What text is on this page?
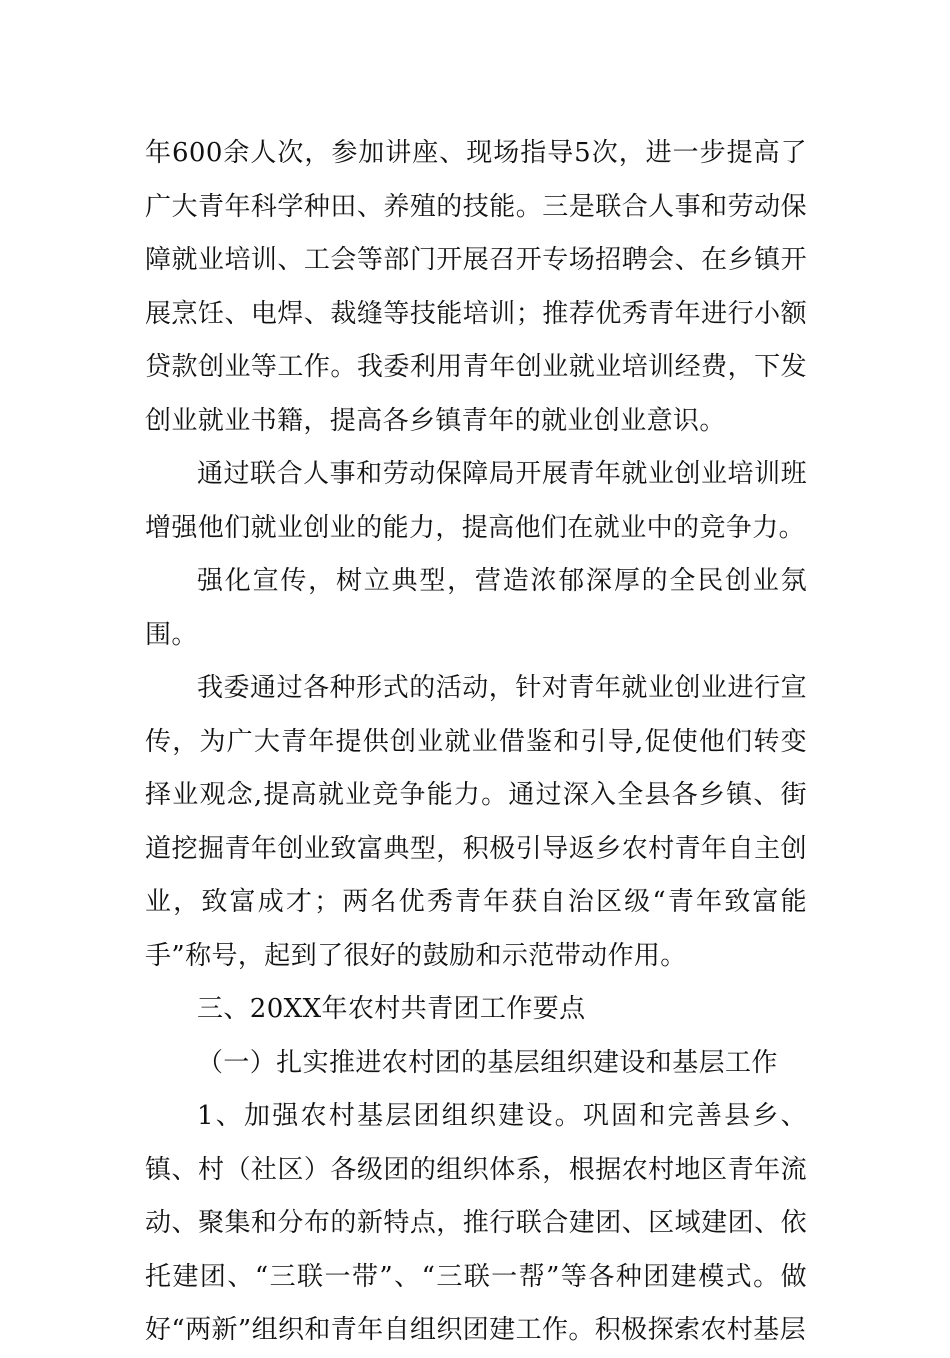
年600余人次，参加讲座、现场指导5次，进一步提高了广大青年科学种田、养殖的技能。三是联合人事和劳动保障就业培训、工会等部门开展召开专场招聘会、在乡镇开展烹饪、电焊、裁缝等技能培训；推荐优秀青年进行小额贷款创业等工作。我委利用青年创业就业培训经费，下发创业就业书籍，提高各乡镇青年的就业创业意识。

通过联合人事和劳动保障局开展青年就业创业培训班增强他们就业创业的能力，提高他们在就业中的竞争力。

强化宣传，树立典型，营造浓郁深厚的全民创业氛围。

我委通过各种形式的活动，针对青年就业创业进行宣传，为广大青年提供创业就业借鉴和引导,促使他们转变择业观念,提高就业竞争能力。通过深入全县各乡镇、街道挖掘青年创业致富典型，积极引导返乡农村青年自主创业，致富成才；两名优秀青年获自治区级“青年致富能手”称号，起到了很好的鼓励和示范带动作用。

三、20XX年农村共青团工作要点

（一）扎实推进农村团的基层组织建设和基层工作

1、加强农村基层团组织建设。巩固和完善县乡、镇、村（社区）各级团的组织体系，根据农村地区青年流动、聚集和分布的新特点，推行联合建团、区域建团、依托建团、“三联一带”、“三联一帮”等各种团建模式。做好“两新”组织和青年自组织团建工作。积极探索农村基层
